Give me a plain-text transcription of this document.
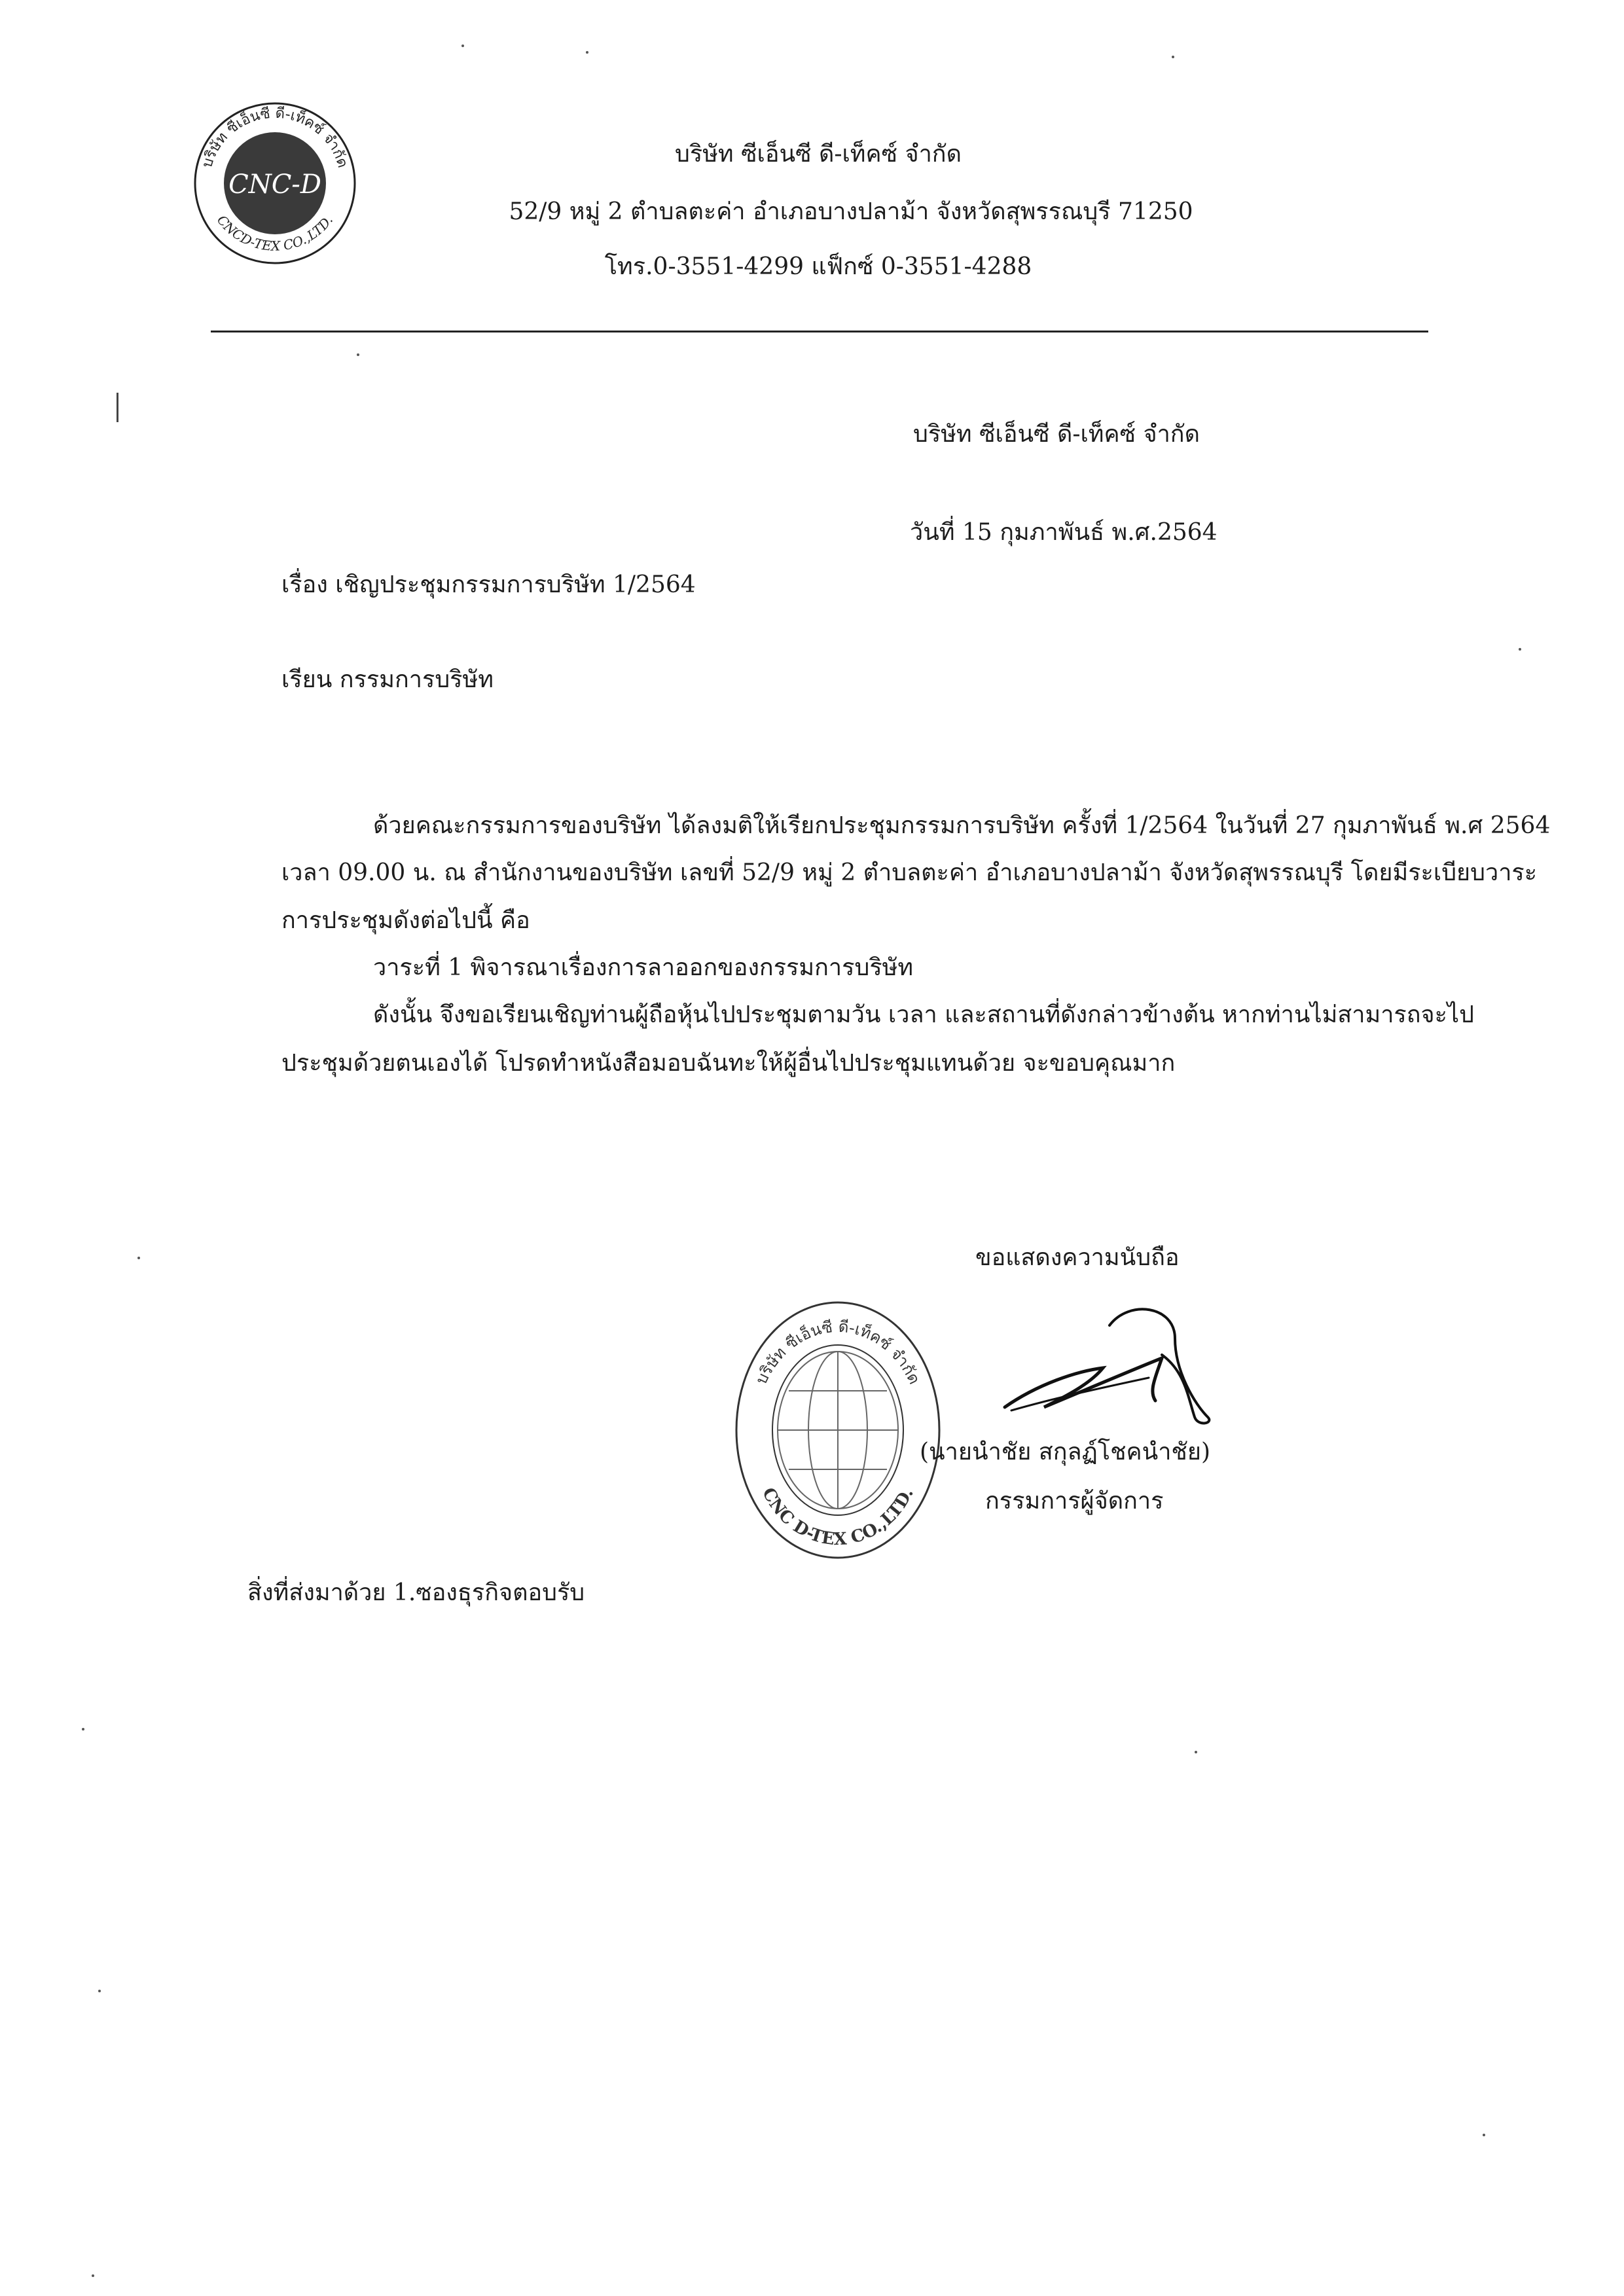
บริษัท ซีเอ็นซี ดี-เท็คซ์ จำกัด
CNCD-TEX CO.,LTD.
CNC-D
บริษัท ซีเอ็นซี ดี-เท็คซ์ จำกัด
52/9 หมู่ 2 ตำบลตะค่า อำเภอบางปลาม้า จังหวัดสุพรรณบุรี 71250
โทร.0-3551-4299 แฟ็กซ์ 0-3551-4288
บริษัท ซีเอ็นซี ดี-เท็คซ์ จำกัด
วันที่ 15 กุมภาพันธ์ พ.ศ.2564
เรื่อง เชิญประชุมกรรมการบริษัท 1/2564
เรียน กรรมการบริษัท
ด้วยคณะกรรมการของบริษัท ได้ลงมติให้เรียกประชุมกรรมการบริษัท ครั้งที่ 1/2564 ในวันที่ 27 กุมภาพันธ์ พ.ศ 2564
เวลา 09.00 น. ณ สำนักงานของบริษัท เลขที่ 52/9 หมู่ 2 ตำบลตะค่า อำเภอบางปลาม้า จังหวัดสุพรรณบุรี โดยมีระเบียบวาระ
การประชุมดังต่อไปนี้ คือ
วาระที่ 1 พิจารณาเรื่องการลาออกของกรรมการบริษัท
ดังนั้น จึงขอเรียนเชิญท่านผู้ถือหุ้นไปประชุมตามวัน เวลา และสถานที่ดังกล่าวข้างต้น หากท่านไม่สามารถจะไป
ประชุมด้วยตนเองได้ โปรดทำหนังสือมอบฉันทะให้ผู้อื่นไปประชุมแทนด้วย จะขอบคุณมาก
ขอแสดงความนับถือ
บริษัท ซีเอ็นซี ดี-เท็คซ์ จำกัด
CNC D-TEX CO.,LTD.
(นายนำชัย สกุลฏ์โชคนำชัย)
กรรมการผู้จัดการ
สิ่งที่ส่งมาด้วย 1.ซองธุรกิจตอบรับ
